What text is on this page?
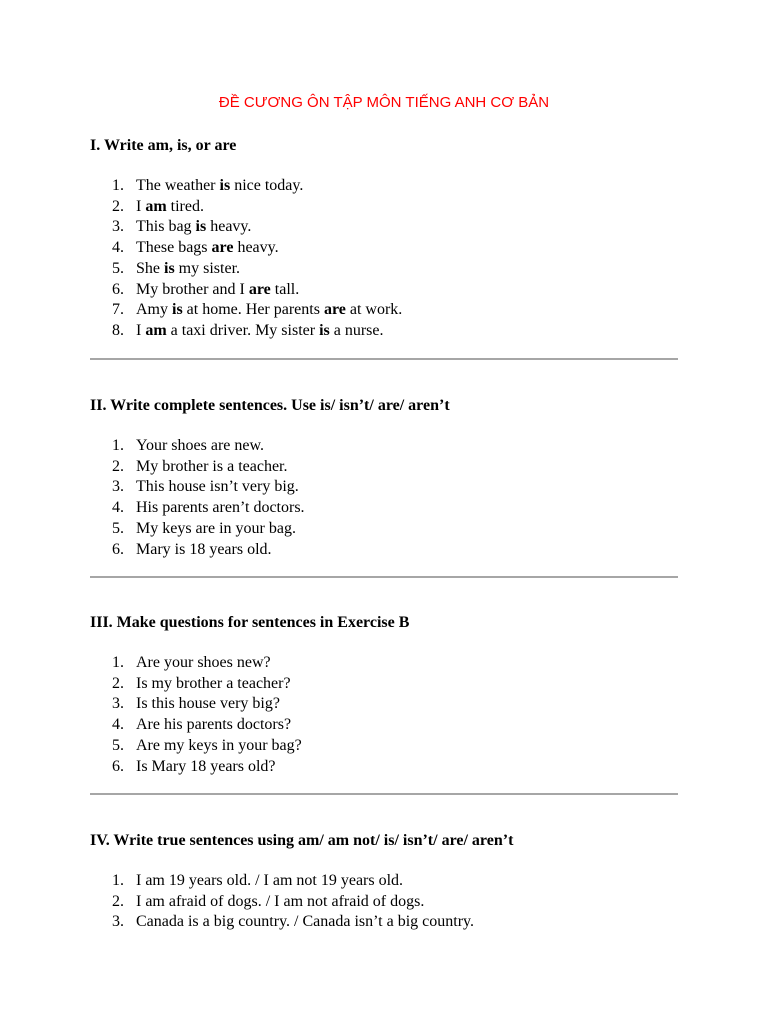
ĐỀ CƯƠNG ÔN TẬP MÔN TIẾNG ANH CƠ BẢN
I. Write am, is, or are
1. The weather is nice today.
2. I am tired.
3. This bag is heavy.
4. These bags are heavy.
5. She is my sister.
6. My brother and I are tall.
7. Amy is at home. Her parents are at work.
8. I am a taxi driver. My sister is a nurse.
II. Write complete sentences. Use is/ isn’t/ are/ aren’t
1. Your shoes are new.
2. My brother is a teacher.
3. This house isn’t very big.
4. His parents aren’t doctors.
5. My keys are in your bag.
6. Mary is 18 years old.
III. Make questions for sentences in Exercise B
1. Are your shoes new?
2. Is my brother a teacher?
3. Is this house very big?
4. Are his parents doctors?
5. Are my keys in your bag?
6. Is Mary 18 years old?
IV. Write true sentences using am/ am not/ is/ isn’t/ are/ aren’t
1. I am 19 years old. / I am not 19 years old.
2. I am afraid of dogs. / I am not afraid of dogs.
3. Canada is a big country. / Canada isn’t a big country.
